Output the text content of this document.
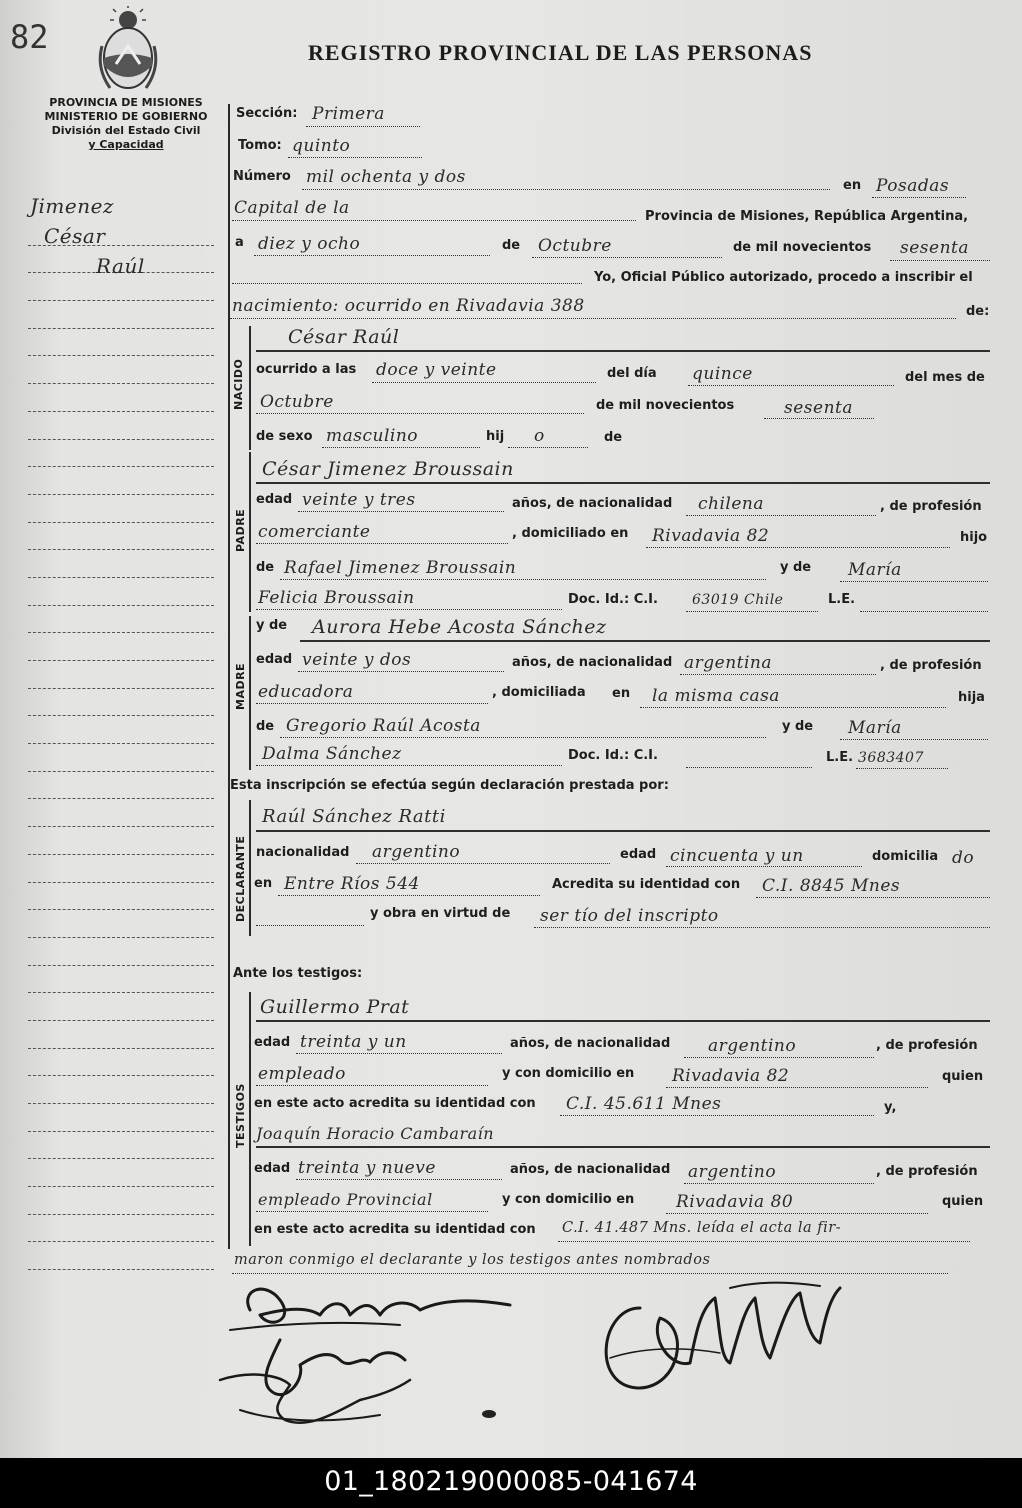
82	REGISTRO PROVINCIAL DE LAS PERSONAS
PROVINCIA DE MISIONES
MINISTERIO DE GOBIERNO
División del Estado Civil
y Capacidad
Jimenez
César
Raúl
Sección: Primera
Tomo: quinto
Número mil ochenta y dos	en Posadas
Capital de la	Provincia de Misiones, República Argentina,
a diez y ocho	de Octubre	de mil novecientos sesenta
Yo, Oficial Público autorizado, procedo a inscribir el
nacimiento: ocurrido en Rivadavia 388	de:
NACIDO
César Raúl
ocurrido a las doce y veinte	del día quince	del mes de
Octubre	de mil novecientos	sesenta
de sexo masculino	hij o	de
PADRE
César Jimenez Broussain
edad veinte y tres	años, de nacionalidad chilena	, de profesión
comerciante	, domiciliado en Rivadavia 82	hijo
de Rafael Jimenez Broussain	y de María
Felicia Broussain	Doc. Id.: C.I. 63019 Chile	L.E.
MADRE
y de Aurora Hebe Acosta Sánchez
edad veinte y dos	años, de nacionalidad argentina	, de profesión
educadora	, domiciliada en la misma casa	hija
de Gregorio Raúl Acosta	y de María
Dalma Sánchez	Doc. Id.: C.I.	L.E. 3683407
Esta inscripción se efectúa según declaración prestada por:
DECLARANTE
Raúl Sánchez Ratti
nacionalidad argentino	edad cincuenta y un	domicilia do
en Entre Ríos 544	Acredita su identidad con C.I. 8845 Mnes
y obra en virtud de ser tío del inscripto
Ante los testigos:
TESTIGOS
Guillermo Prat
edad treinta y un	años, de nacionalidad argentino	, de profesión
empleado	y con domicilio en Rivadavia 82	quien
en este acto acredita su identidad con C.I. 45.611 Mnes	y,
Joaquín Horacio Cambaraín
edad treinta y nueve	años, de nacionalidad argentino	, de profesión
empleado Provincial	y con domicilio en Rivadavia 80	quien
en este acto acredita su identidad con C.I. 41.487 Mns. leída el acta la fir-
maron conmigo el declarante y los testigos antes nombrados
01_180219000085-041674
